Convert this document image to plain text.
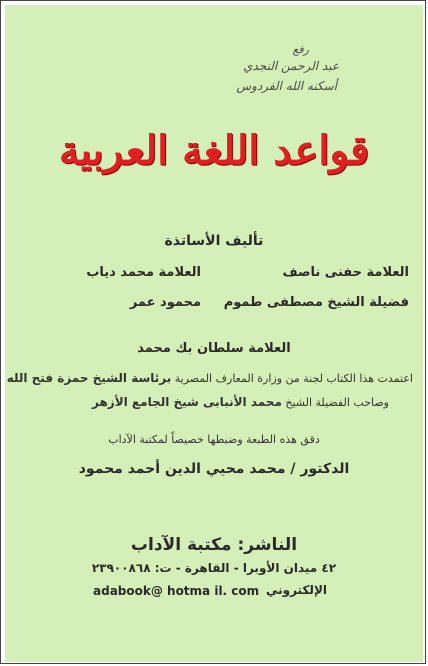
رفع
عبد الرحمن النجدي
أسكنه الله الفردوس
قواعد اللغة العربية
تأليف الأساتذة
العلامة حفنى ناصف
العلامة محمد دياب
فضيلة الشيخ مصطفى طموم
محمود عمر
العلامة سلطان بك محمد
اعتمدت هذا الكتاب لجنة من وزارة المعارف المصرية برئاسة الشيخ حمزة فتح الله
وصاحب الفضيلة الشيخ محمد الأنبابى شيخ الجامع الأزهر
دقق هذه الطبعة وضبطها خصيصاً لمكتبة الآداب
الدكتور / محمد محيي الدين أحمد محمود
الناشر: مكتبة الآداب
٤٢ ميدان الأوبرا - القاهرة - ت: ٢٣٩٠٠٨٦٨
الإلكتروني
adabook@ hotma il. com
